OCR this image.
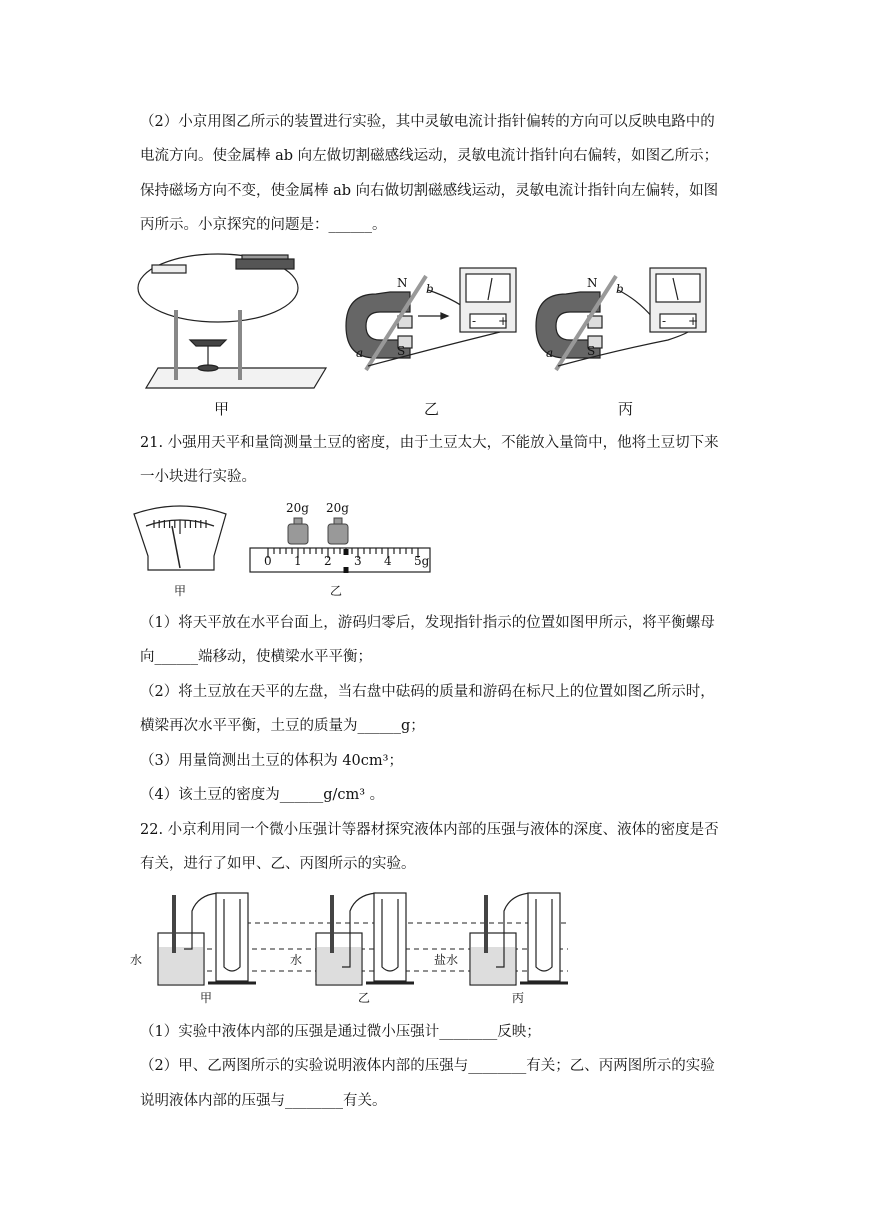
（2）小京用图乙所示的装置进行实验，其中灵敏电流计指针偏转的方向可以反映电路中的
电流方向。使金属棒 ab 向左做切割磁感线运动，灵敏电流计指针向右偏转，如图乙所示；
保持磁场方向不变，使金属棒 ab 向右做切割磁感线运动，灵敏电流计指针向左偏转，如图
丙所示。小京探究的问题是：______。
甲	乙	丙
N
S
a
b	N
S
a
b
- +	- +
21. 小强用天平和量筒测量土豆的密度，由于土豆太大，不能放入量筒中，他将土豆切下来
一小块进行实验。
20g 20g
0 1 2 3 4 5g
甲	乙
（1）将天平放在水平台面上，游码归零后，发现指针指示的位置如图甲所示，将平衡螺母
向______端移动，使横梁水平平衡；
（2）将土豆放在天平的左盘，当右盘中砝码的质量和游码在标尺上的位置如图乙所示时，
横梁再次水平平衡，土豆的质量为______g；
（3）用量筒测出土豆的体积为 40cm³；
（4）该土豆的密度为______g/cm³ 。
22. 小京利用同一个微小压强计等器材探究液体内部的压强与液体的深度、液体的密度是否
有关，进行了如甲、乙、丙图所示的实验。
水	水	盐水
甲	乙	丙
（1）实验中液体内部的压强是通过微小压强计________反映；
（2）甲、乙两图所示的实验说明液体内部的压强与________有关；乙、丙两图所示的实验
说明液体内部的压强与________有关。
